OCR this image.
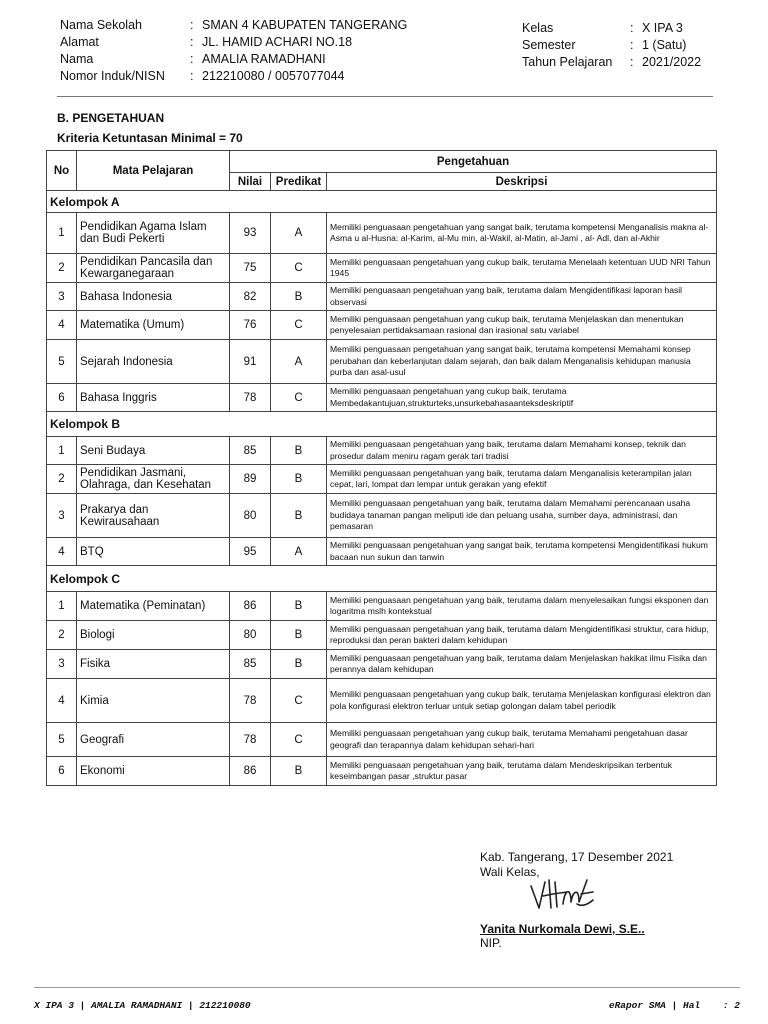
Nama Sekolah	: SMAN 4 KABUPATEN TANGERANG
Alamat	: JL. HAMID ACHARI NO.18
Nama	: AMALIA RAMADHANI
Nomor Induk/NISN	: 212210080 / 0057077044
Kelas	: X IPA 3
Semester	: 1 (Satu)
Tahun Pelajaran	: 2021/2022
B. PENGETAHUAN
Kriteria Ketuntasan Minimal = 70
No	Mata Pelajaran	Pengetahuan		
		Nilai	Predikat	Deskripsi
Kelompok A				
1	Pendidikan Agama Islam dan Budi Pekerti	93	A	Memiliki penguasaan pengetahuan yang sangat baik, terutama kompetensi Menganalisis makna al-Asma u al-Husna: al-Karim, al-Mu min, al-Wakil, al-Matin, al-Jami , al- Adl, dan al-Akhir
2	Pendidikan Pancasila dan Kewarganegaraan	75	C	Memiliki penguasaan pengetahuan yang cukup baik, terutama Menelaah ketentuan UUD NRI Tahun 1945
3	Bahasa Indonesia	82	B	Memiliki penguasaan pengetahuan yang baik, terutama dalam Mengidentifikasi laporan hasil observasi
4	Matematika (Umum)	76	C	Memiliki penguasaan pengetahuan yang cukup baik, terutama Menjelaskan dan menentukan penyelesaian pertidaksamaan rasional dan irasional satu variabel
5	Sejarah Indonesia	91	A	Memiliki penguasaan pengetahuan yang sangat baik, terutama kompetensi Memahami konsep perubahan dan keberlanjutan dalam sejarah, dan baik dalam Menganalisis kehidupan manusia purba dan asal-usul
6	Bahasa Inggris	78	C	Memiliki penguasaan pengetahuan yang cukup baik, terutama Membedakantujuan,strukturteks,unsurkebahasaanteksdeskriptif
Kelompok B				
1	Seni Budaya	85	B	Memiliki penguasaan pengetahuan yang baik, terutama dalam Memahami konsep, teknik dan prosedur dalam meniru ragam gerak tari tradisi
2	Pendidikan Jasmani, Olahraga, dan Kesehatan	89	B	Memiliki penguasaan pengetahuan yang baik, terutama dalam Menganalisis keterampilan jalan cepat, lari, lompat dan lempar untuk gerakan yang efektif
3	Prakarya dan Kewirausahaan	80	B	Memiliki penguasaan pengetahuan yang baik, terutama dalam Memahami perencanaan usaha budidaya tanaman pangan meliputi ide dan peluang usaha, sumber daya, administrasi, dan pemasaran
4	BTQ	95	A	Memiliki penguasaan pengetahuan yang sangat baik, terutama kompetensi Mengidentifikasi hukum bacaan nun sukun dan tanwin
Kelompok C				
1	Matematika (Peminatan)	86	B	Memiliki penguasaan pengetahuan yang baik, terutama dalam menyelesaikan fungsi eksponen dan logaritma mslh kontekstual
2	Biologi	80	B	Memiliki penguasaan pengetahuan yang baik, terutama dalam Mengidentifikasi struktur, cara hidup, reproduksi dan peran bakteri dalam kehidupan
3	Fisika	85	B	Memiliki penguasaan pengetahuan yang baik, terutama dalam Menjelaskan hakikat ilmu Fisika dan perannya dalam kehidupan
4	Kimia	78	C	Memiliki penguasaan pengetahuan yang cukup baik, terutama Menjelaskan konfigurasi elektron dan pola konfigurasi elektron terluar untuk setiap golongan dalam tabel periodik
5	Geografi	78	C	Memiliki penguasaan pengetahuan yang cukup baik, terutama Memahami pengetahuan dasar geografi dan terapannya dalam kehidupan sehari-hari
6	Ekonomi	86	B	Memiliki penguasaan pengetahuan yang baik, terutama dalam Mendeskripsikan terbentuk keseimbangan pasar ,struktur pasar
Kab. Tangerang, 17 Desember 2021
Wali Kelas,
Yanita Nurkomala Dewi, S.E..
NIP.
X IPA 3 | AMALIA RAMADHANI | 212210080	eRapor SMA | Hal    : 2
